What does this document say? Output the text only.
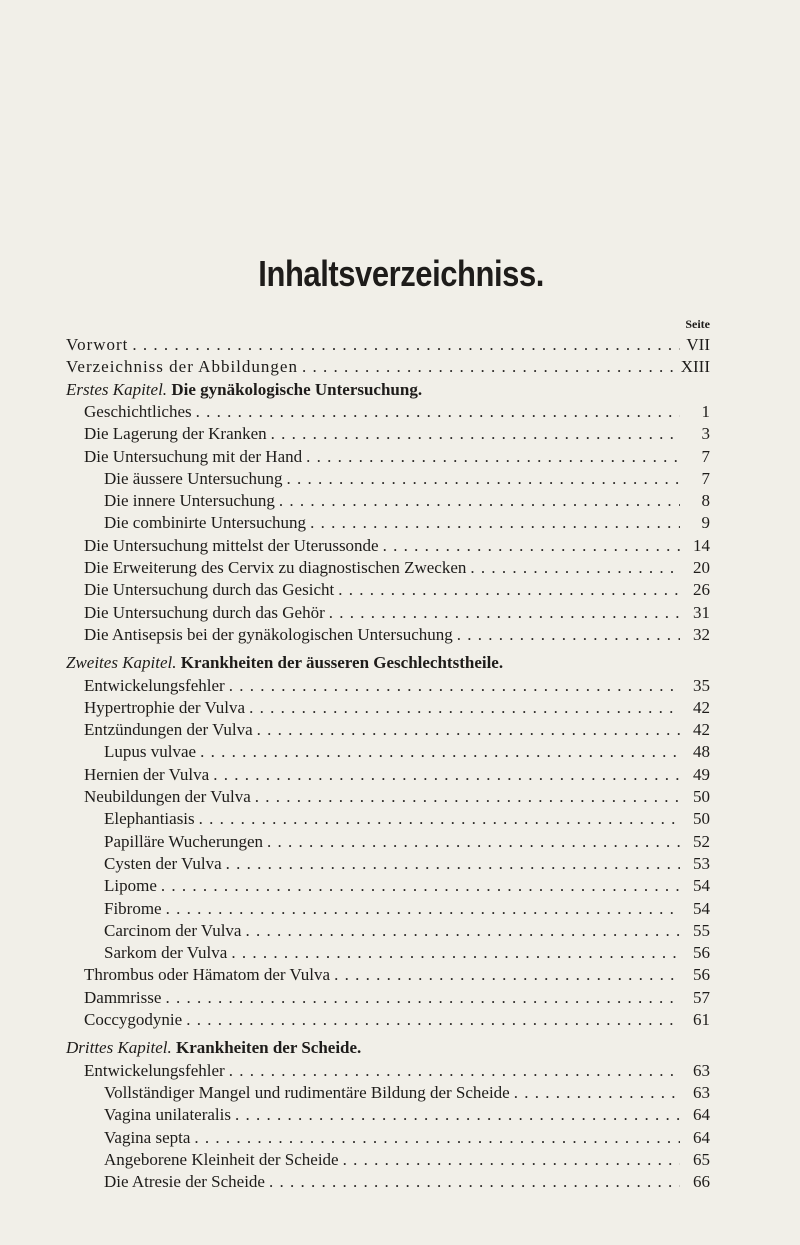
Inhaltsverzeichniss.
Seite
Vorwort . . .	VII
Verzeichniss der Abbildungen . . .	XIII
Erstes Kapitel. Die gynäkologische Untersuchung.
Geschichtliches . . .	1
Die Lagerung der Kranken . . .	3
Die Untersuchung mit der Hand . . .	7
Die äussere Untersuchung . . .	7
Die innere Untersuchung . . .	8
Die combinirte Untersuchung . . .	9
Die Untersuchung mittelst der Uterussonde . . .	14
Die Erweiterung des Cervix zu diagnostischen Zwecken . . .	20
Die Untersuchung durch das Gesicht . . .	26
Die Untersuchung durch das Gehör . . .	31
Die Antisepsis bei der gynäkologischen Untersuchung . . .	32
Zweites Kapitel. Krankheiten der äusseren Geschlechtstheile.
Entwickelungsfehler . . .	35
Hypertrophie der Vulva . . .	42
Entzündungen der Vulva . . .	42
Lupus vulvae . . .	48
Hernien der Vulva . . .	49
Neubildungen der Vulva . . .	50
Elephantiasis . . .	50
Papilläre Wucherungen . . .	52
Cysten der Vulva . . .	53
Lipome . . .	54
Fibrome . . .	54
Carcinom der Vulva . . .	55
Sarkom der Vulva . . .	56
Thrombus oder Hämatom der Vulva . . .	56
Dammrisse . . .	57
Coccygodynie . . .	61
Drittes Kapitel. Krankheiten der Scheide.
Entwickelungsfehler . . .	63
Vollständiger Mangel und rudimentäre Bildung der Scheide . . .	63
Vagina unilateralis . . .	64
Vagina septa . . .	64
Angeborene Kleinheit der Scheide . . .	65
Die Atresie der Scheide . . .	66
